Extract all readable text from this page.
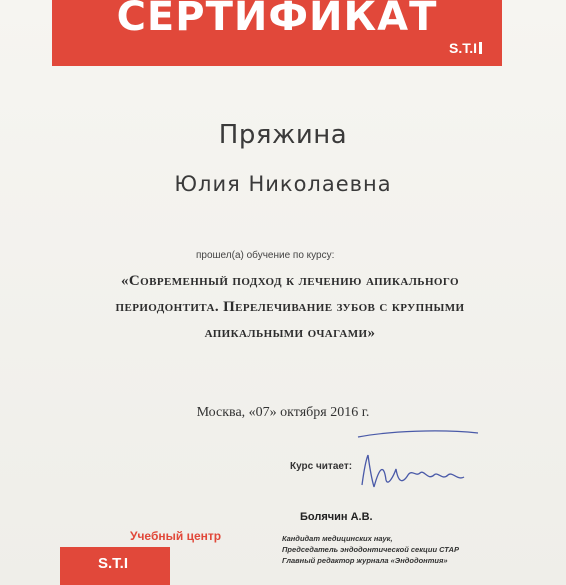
СЕРТИФИКАТ
S.T.I
Пряжина
Юлия Николаевна
прошел(а) обучение по курсу:
«Современный подход к лечению апикального
периодонтита. Перелечивание зубов с крупными
апикальными очагами»
Москва, «07» октября 2016 г.
Курс читает:
Болячин А.В.
Кандидат медицинских наук,
Председатель эндодонтической секции СТАР
Главный редактор журнала «Эндодонтия»
Учебный центр
S.T.I
